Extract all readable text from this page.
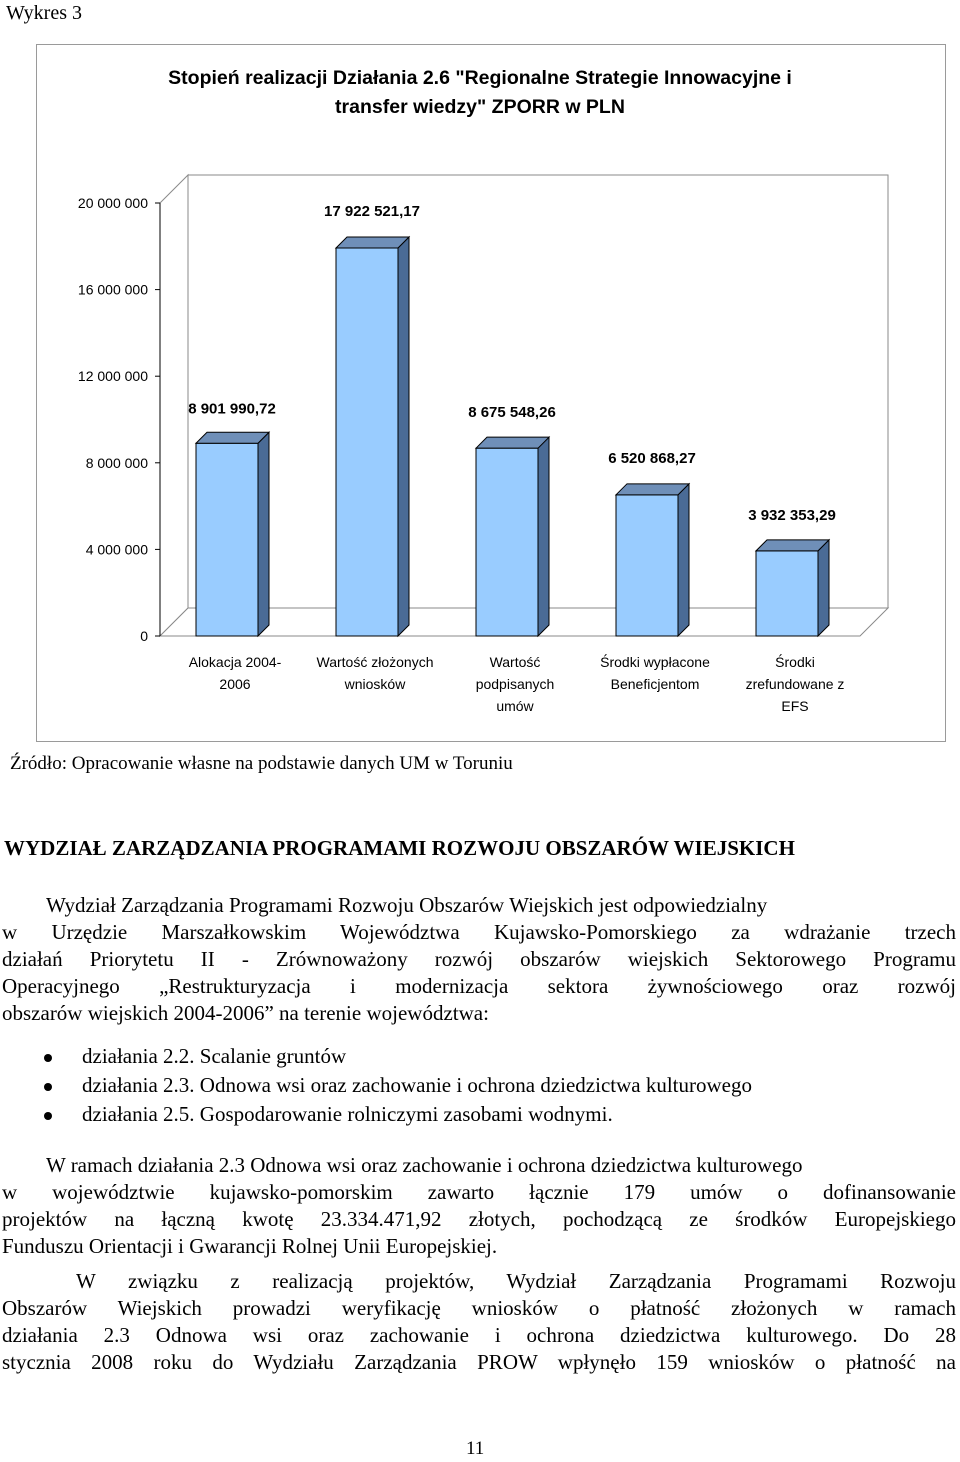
Wykres 3
Stopień realizacji Działania 2.6 "Regionalne Strategie Innowacyjne i
transfer wiedzy" ZPORR w PLN
0
4 000 000
8 000 000
12 000 000
16 000 000
20 000 000
8 901 990,72
Alokacja 2004-2006
17 922 521,17
Wartość złożonych wniosków
8 675 548,26
Wartość podpisanych umów
6 520 868,27
Środki wypłacone Beneficjentom
3 932 353,29
Środki zrefundowane z EFS
Źródło: Opracowanie własne na podstawie danych UM w Toruniu
WYDZIAŁ ZARZĄDZANIA PROGRAMAMI ROZWOJU OBSZARÓW WIEJSKICH
Wydział Zarządzania Programami Rozwoju Obszarów Wiejskich jest odpowiedzialny
w Urzędzie Marszałkowskim Województwa Kujawsko-Pomorskiego za wdrażanie trzech
działań Priorytetu II - Zrównoważony rozwój obszarów wiejskich Sektorowego Programu
Operacyjnego „Restrukturyzacja i modernizacja sektora żywnościowego oraz rozwój
obszarów wiejskich 2004-2006” na terenie województwa:
działania 2.2. Scalanie gruntów
działania 2.3. Odnowa wsi oraz zachowanie i ochrona dziedzictwa kulturowego
działania 2.5. Gospodarowanie rolniczymi zasobami wodnymi.
W ramach działania 2.3 Odnowa wsi oraz zachowanie i ochrona dziedzictwa kulturowego
w województwie kujawsko-pomorskim zawarto łącznie 179 umów o dofinansowanie
projektów na łączną kwotę 23.334.471,92 złotych, pochodzącą ze środków Europejskiego
Funduszu Orientacji i Gwarancji Rolnej Unii Europejskiej.
W związku z realizacją projektów, Wydział Zarządzania Programami Rozwoju
Obszarów Wiejskich prowadzi weryfikację wniosków o płatność złożonych w ramach
działania 2.3 Odnowa wsi oraz zachowanie i ochrona dziedzictwa kulturowego. Do 28
stycznia 2008 roku do Wydziału Zarządzania PROW wpłynęło 159 wniosków o płatność na
11
